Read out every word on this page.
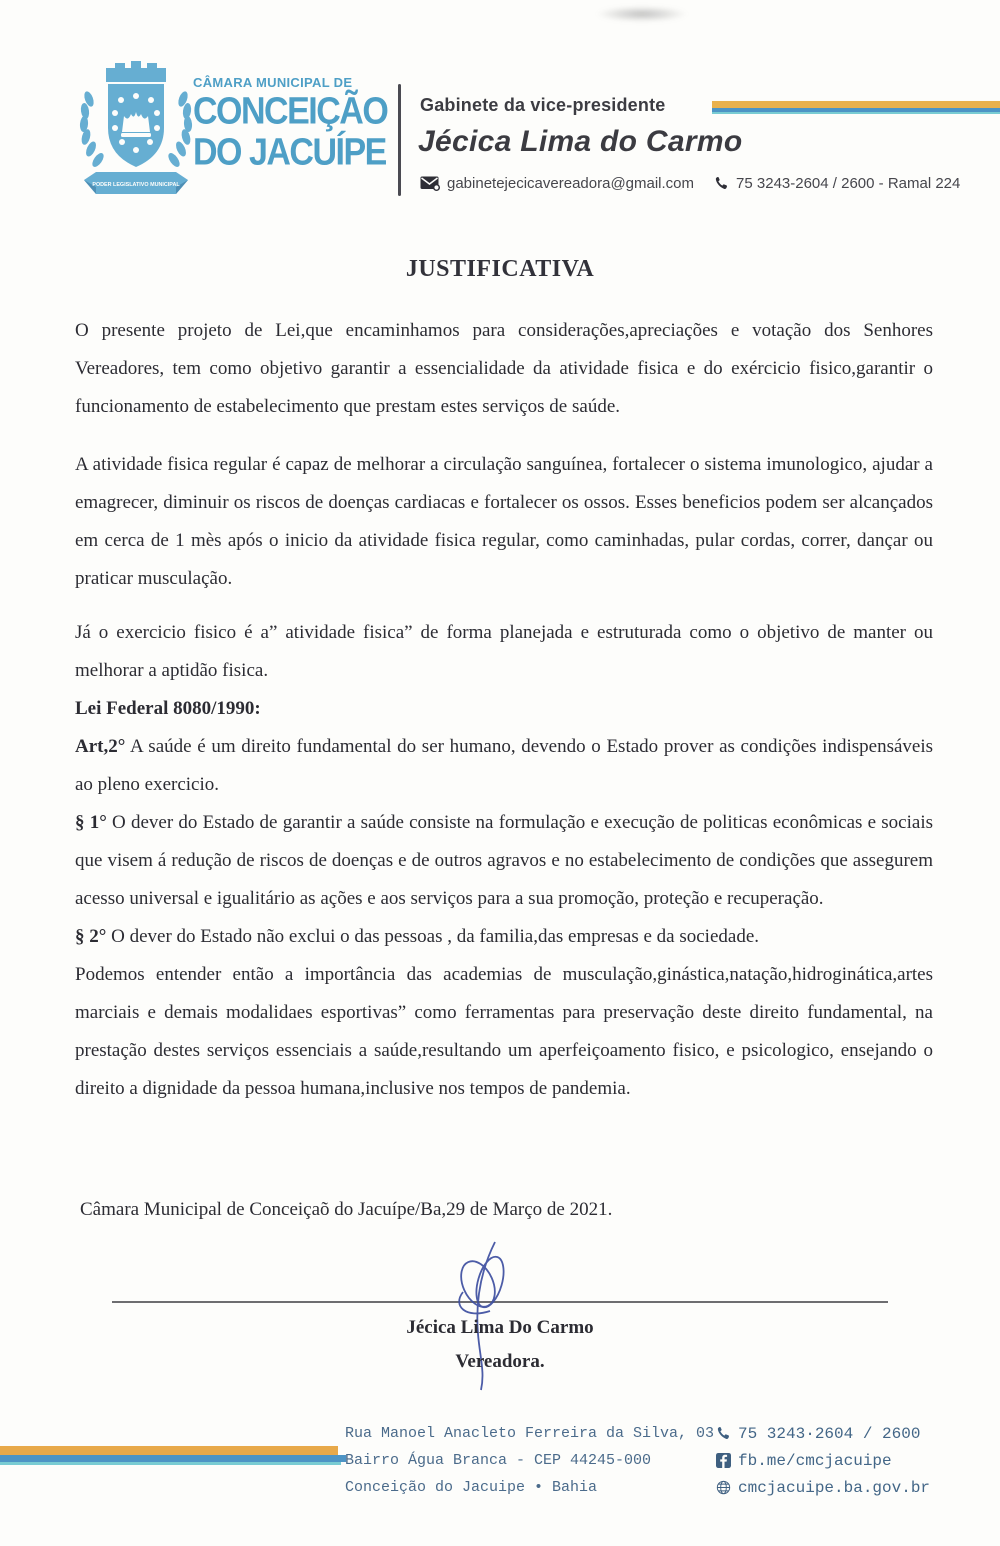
PODER LEGISLATIVO MUNICIPAL
CÂMARA MUNICIPAL DE
CONCEIÇÃO
DO JACUÍPE
Gabinete da vice-presidente
Jécica Lima do Carmo
gabinetejecicavereadora@gmail.com	75 3243-2604 / 2600 - Ramal 224
JUSTIFICATIVA

O presente projeto de Lei,que encaminhamos para considerações,apreciações e votação dos Senhores Vereadores, tem como objetivo garantir a essencialidade da atividade fisica e do exércicio fisico,garantir o funcionamento de estabelecimento que prestam estes serviços de saúde.

A atividade fisica regular é capaz de melhorar a circulação sanguínea, fortalecer o sistema imunologico, ajudar a emagrecer, diminuir os riscos de doenças cardiacas e fortalecer os ossos. Esses beneficios podem ser alcançados em cerca de 1 mès após o inicio da atividade fisica regular, como caminhadas, pular cordas, correr, dançar ou praticar musculação.

Já o exercicio fisico é a” atividade fisica” de forma planejada e estruturada como o objetivo de manter ou melhorar a aptidão fisica.

Lei Federal 8080/1990:

Art,2° A saúde é um direito fundamental do ser humano, devendo o Estado prover as condições indispensáveis ao pleno exercicio.

§ 1° O dever do Estado de garantir a saúde consiste na formulação e execução de politicas econômicas e sociais que visem á redução de riscos de doenças e de outros agravos e no estabelecimento de condições que assegurem acesso universal e igualitário as ações e aos serviços para a sua promoção, proteção e recuperação.

§ 2° O dever do Estado não exclui o das pessoas , da familia,das empresas e da sociedade.

Podemos entender então a importância das academias de musculação,ginástica,natação,hidroginática,artes marciais e demais modalidaes esportivas” como ferramentas para preservação deste direito fundamental, na prestação destes serviços essenciais a saúde,resultando um aperfeiçoamento fisico, e psicologico, ensejando o direito a dignidade da pessoa humana,inclusive nos tempos de pandemia.

Câmara Municipal de Conceiçaõ do Jacuípe/Ba,29 de Março de 2021.
Jécica Lima Do Carmo
Vereadora.
Rua Manoel Anacleto Ferreira da Silva, 03
Bairro Água Branca - CEP 44245-000
Conceição do Jacuipe • Bahia
75 3243·2604 / 2600
fb.me/cmcjacuipe
cmcjacuipe.ba.gov.br
